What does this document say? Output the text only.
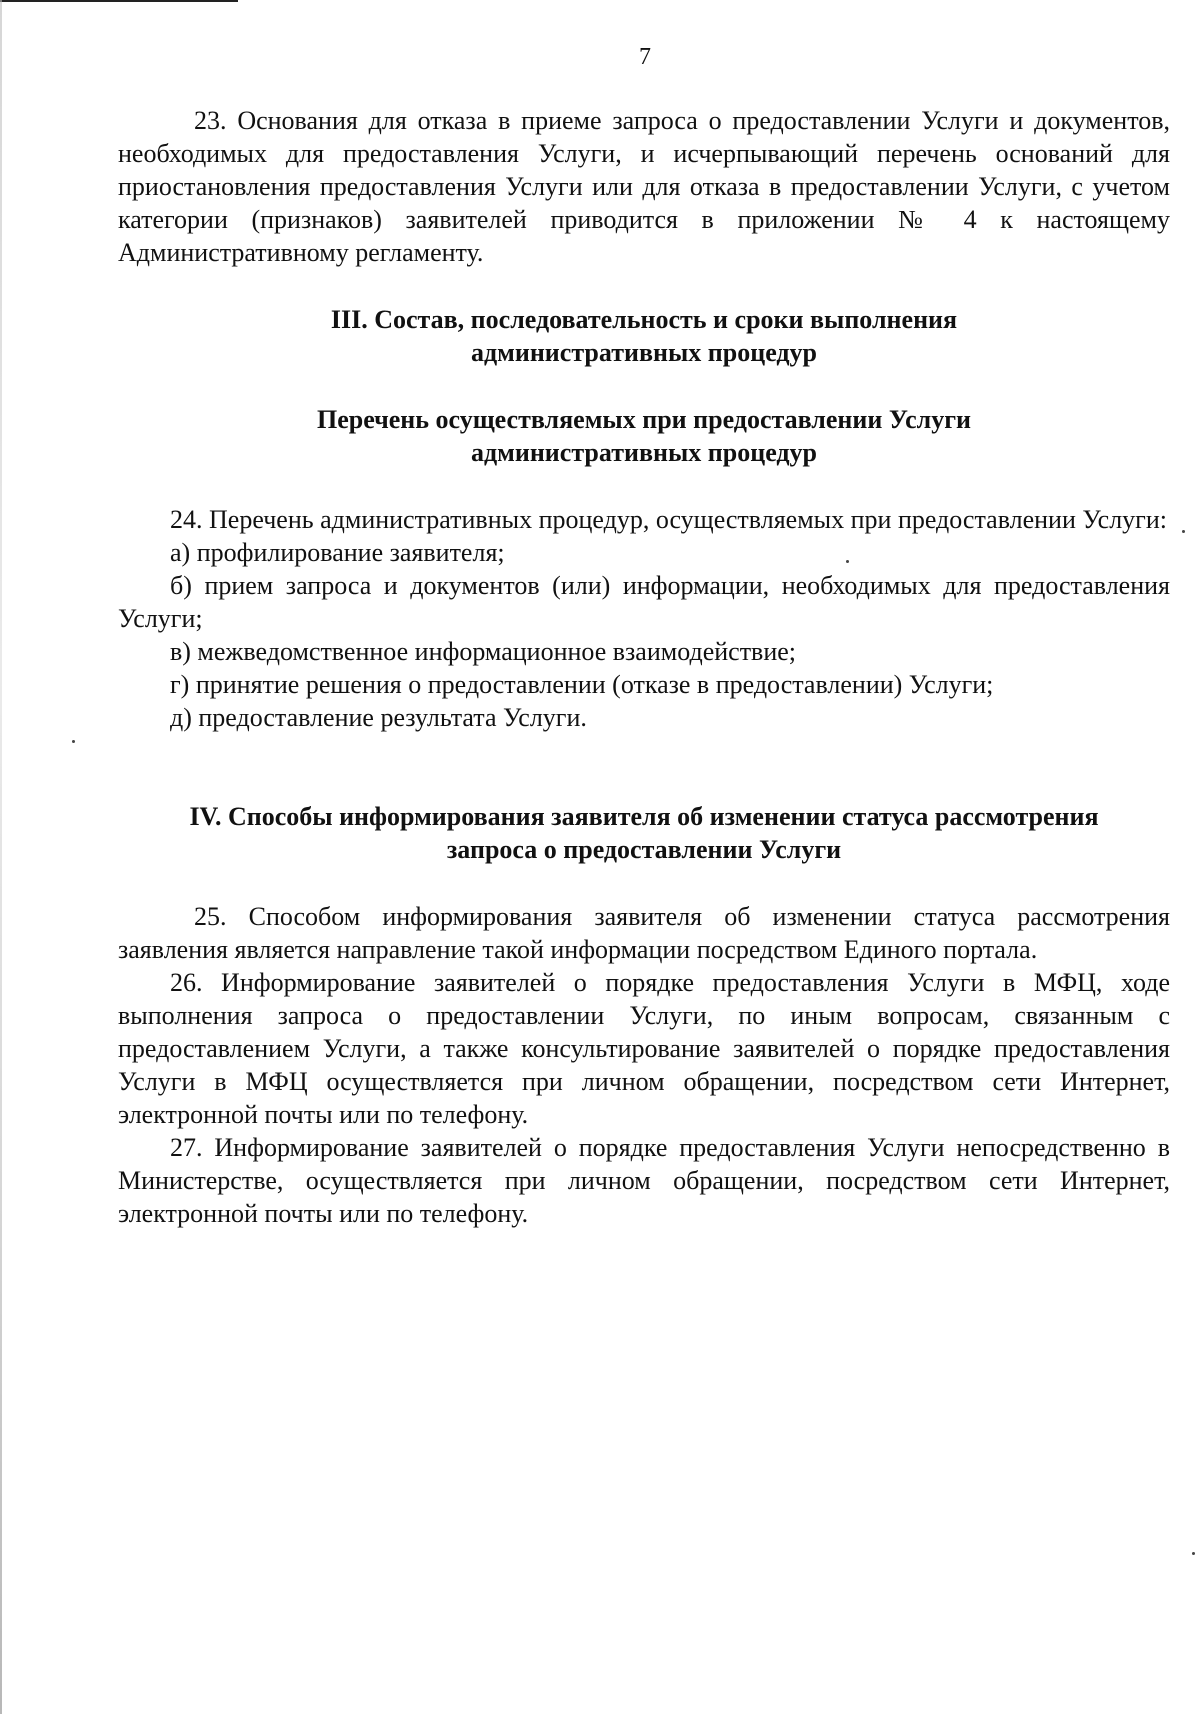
7

23. Основания для отказа в приеме запроса о предоставлении Услуги и документов, необходимых для предоставления Услуги, и исчерпывающий перечень оснований для приостановления предоставления Услуги или для отказа в предоставлении Услуги, с учетом категории (признаков) заявителей приводится в приложении № 4 к настоящему Административному регламенту.

III. Состав, последовательность и сроки выполнения
административных процедур

Перечень осуществляемых при предоставлении Услуги
административных процедур

24. Перечень административных процедур, осуществляемых при предоставлении Услуги:

а) профилирование заявителя;

б) прием запроса и документов (или) информации, необходимых для предоставления Услуги;

в) межведомственное информационное взаимодействие;

г) принятие решения о предоставлении (отказе в предоставлении) Услуги;

д) предоставление результата Услуги.

IV. Способы информирования заявителя об изменении статуса рассмотрения
запроса о предоставлении Услуги

25. Способом информирования заявителя об изменении статуса рассмотрения заявления является направление такой информации посредством Единого портала.

26. Информирование заявителей о порядке предоставления Услуги в МФЦ, ходе выполнения запроса о предоставлении Услуги, по иным вопросам, связанным с предоставлением Услуги, а также консультирование заявителей о порядке предоставления Услуги в МФЦ осуществляется при личном обращении, посредством сети Интернет, электронной почты или по телефону.

27. Информирование заявителей о порядке предоставления Услуги непосредственно в Министерстве, осуществляется при личном обращении, посредством сети Интернет, электронной почты или по телефону.
